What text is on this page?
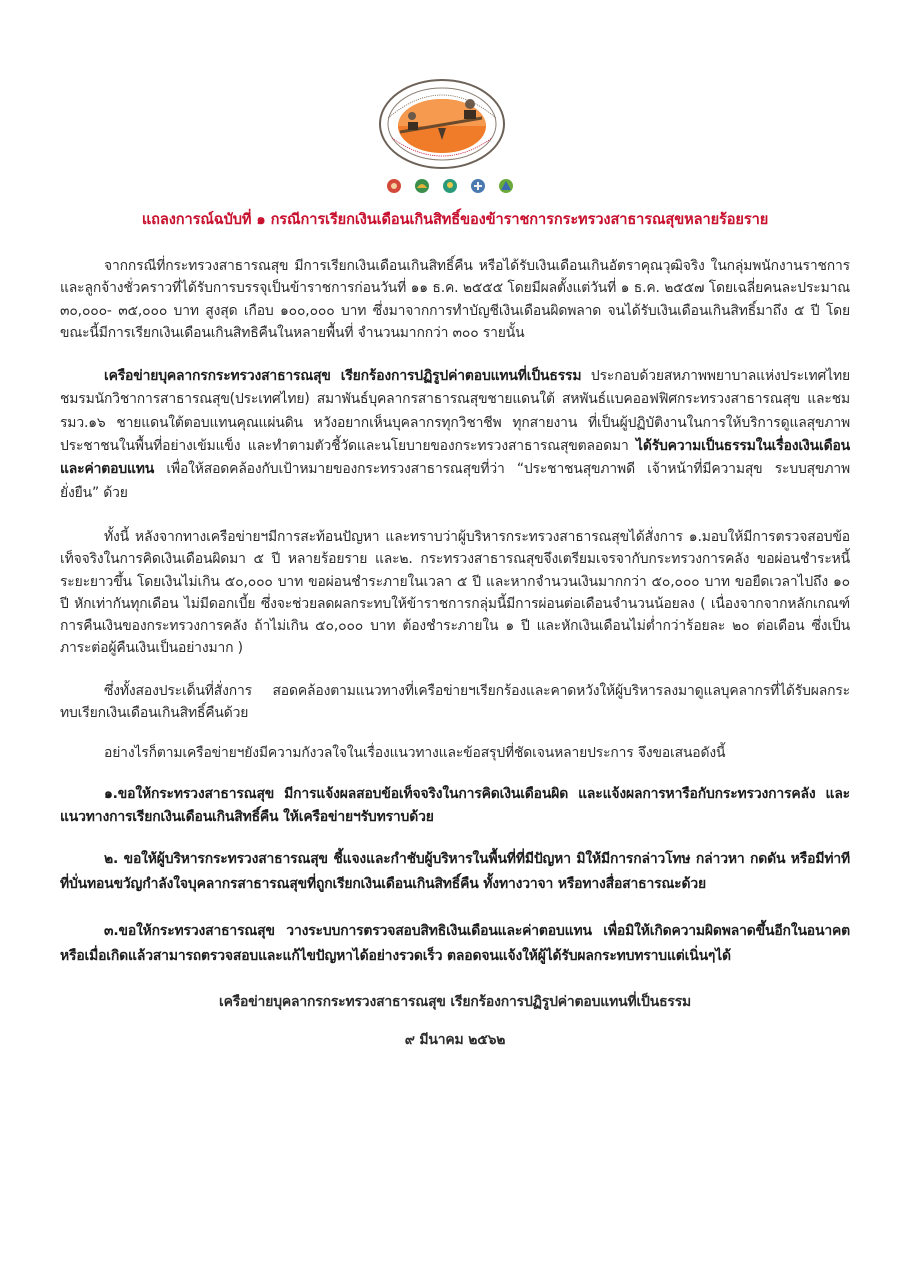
แถลงการณ์ฉบับที่ ๑ กรณีการเรียกเงินเดือนเกินสิทธิ์ของข้าราชการกระทรวงสาธารณสุขหลายร้อยราย

จากกรณีที่กระทรวงสาธารณสุข มีการเรียกเงินเดือนเกินสิทธิ์คืน หรือได้รับเงินเดือนเกินอัตราคุณวุฒิจริง ในกลุ่มพนักงานราชการและลูกจ้างชั่วคราวที่ได้รับการบรรจุเป็นข้าราชการก่อนวันที่ ๑๑ ธ.ค. ๒๕๕๕ โดยมีผลตั้งแต่วันที่ ๑ ธ.ค. ๒๕๕๗ โดยเฉลี่ยคนละประมาณ ๓๐,๐๐๐- ๓๕,๐๐๐ บาท สูงสุด เกือบ ๑๐๐,๐๐๐ บาท ซึ่งมาจากการทำบัญชีเงินเดือนผิดพลาด จนได้รับเงินเดือนเกินสิทธิ์มาถึง ๕ ปี โดยขณะนี้มีการเรียกเงินเดือนเกินสิทธิคืนในหลายพื้นที่ จำนวนมากกว่า ๓๐๐ รายนั้น

เครือข่ายบุคลากรกระทรวงสาธารณสุข เรียกร้องการปฏิรูปค่าตอบแทนที่เป็นธรรม ประกอบด้วยสหภาพพยาบาลแห่งประเทศไทย ชมรมนักวิชาการสาธารณสุข(ประเทศไทย) สมาพันธ์บุคลากรสาธารณสุขชายแดนใต้ สหพันธ์แบคออฟฟิศกระทรวงสาธารณสุข และชมรมว.๑๖ ชายแดนใต้ตอบแทนคุณแผ่นดิน หวังอยากเห็นบุคลากรทุกวิชาชีพ ทุกสายงาน ที่เป็นผู้ปฏิบัติงานในการให้บริการดูแลสุขภาพประชาชนในพื้นที่อย่างเข้มแข็ง และทำตามตัวชี้วัดและนโยบายของกระทรวงสาธารณสุขตลอดมา ได้รับความเป็นธรรมในเรื่องเงินเดือนและค่าตอบแทน เพื่อให้สอดคล้องกับเป้าหมายของกระทรวงสาธารณสุขที่ว่า “ประชาชนสุขภาพดี เจ้าหน้าที่มีความสุข ระบบสุขภาพยั่งยืน” ด้วย

ทั้งนี้ หลังจากทางเครือข่ายฯมีการสะท้อนปัญหา และทราบว่าผู้บริหารกระทรวงสาธารณสุขได้สั่งการ ๑.มอบให้มีการตรวจสอบข้อเท็จจริงในการคิดเงินเดือนผิดมา ๕ ปี หลายร้อยราย และ๒. กระทรวงสาธารณสุขจึงเตรียมเจรจากับกระทรวงการคลัง ขอผ่อนชำระหนี้ระยะยาวขึ้น โดยเงินไม่เกิน ๕๐,๐๐๐ บาท ขอผ่อนชำระภายในเวลา ๕ ปี และหากจำนวนเงินมากกว่า ๕๐,๐๐๐ บาท ขอยืดเวลาไปถึง ๑๐ ปี หักเท่ากันทุกเดือน ไม่มีดอกเบี้ย ซึ่งจะช่วยลดผลกระทบให้ข้าราชการกลุ่มนี้มีการผ่อนต่อเดือนจำนวนน้อยลง ( เนื่องจากจากหลักเกณฑ์การคืนเงินของกระทรวงการคลัง ถ้าไม่เกิน ๕๐,๐๐๐ บาท ต้องชำระภายใน ๑ ปี และหักเงินเดือนไม่ต่ำกว่าร้อยละ ๒๐ ต่อเดือน ซึ่งเป็นภาระต่อผู้คืนเงินเป็นอย่างมาก )

ซึ่งทั้งสองประเด็นที่สั่งการ สอดคล้องตามแนวทางที่เครือข่ายฯเรียกร้องและคาดหวังให้ผู้บริหารลงมาดูแลบุคลากรที่ได้รับผลกระทบเรียกเงินเดือนเกินสิทธิ์คืนด้วย

อย่างไรก็ตามเครือข่ายฯยังมีความกังวลใจในเรื่องแนวทางและข้อสรุปที่ชัดเจนหลายประการ จึงขอเสนอดังนี้

๑.ขอให้กระทรวงสาธารณสุข มีการแจ้งผลสอบข้อเท็จจริงในการคิดเงินเดือนผิด และแจ้งผลการหารือกับกระทรวงการคลัง และแนวทางการเรียกเงินเดือนเกินสิทธิ์คืน ให้เครือข่ายฯรับทราบด้วย

๒. ขอให้ผู้บริหารกระทรวงสาธารณสุข ชี้แจงและกำชับผู้บริหารในพื้นที่ที่มีปัญหา มิให้มีการกล่าวโทษ กล่าวหา กดดัน หรือมีท่าทีที่บั่นทอนขวัญกำลังใจบุคลากรสาธารณสุขที่ถูกเรียกเงินเดือนเกินสิทธิ์คืน ทั้งทางวาจา หรือทางสื่อสาธารณะด้วย

๓.ขอให้กระทรวงสาธารณสุข วางระบบการตรวจสอบสิทธิเงินเดือนและค่าตอบแทน เพื่อมิให้เกิดความผิดพลาดขึ้นอีกในอนาคต หรือเมื่อเกิดแล้วสามารถตรวจสอบและแก้ไขปัญหาได้อย่างรวดเร็ว ตลอดจนแจ้งให้ผู้ได้รับผลกระทบทราบแต่เนิ่นๆได้

เครือข่ายบุคลากรกระทรวงสาธารณสุข เรียกร้องการปฏิรูปค่าตอบแทนที่เป็นธรรม

๙ มีนาคม ๒๕๖๒
